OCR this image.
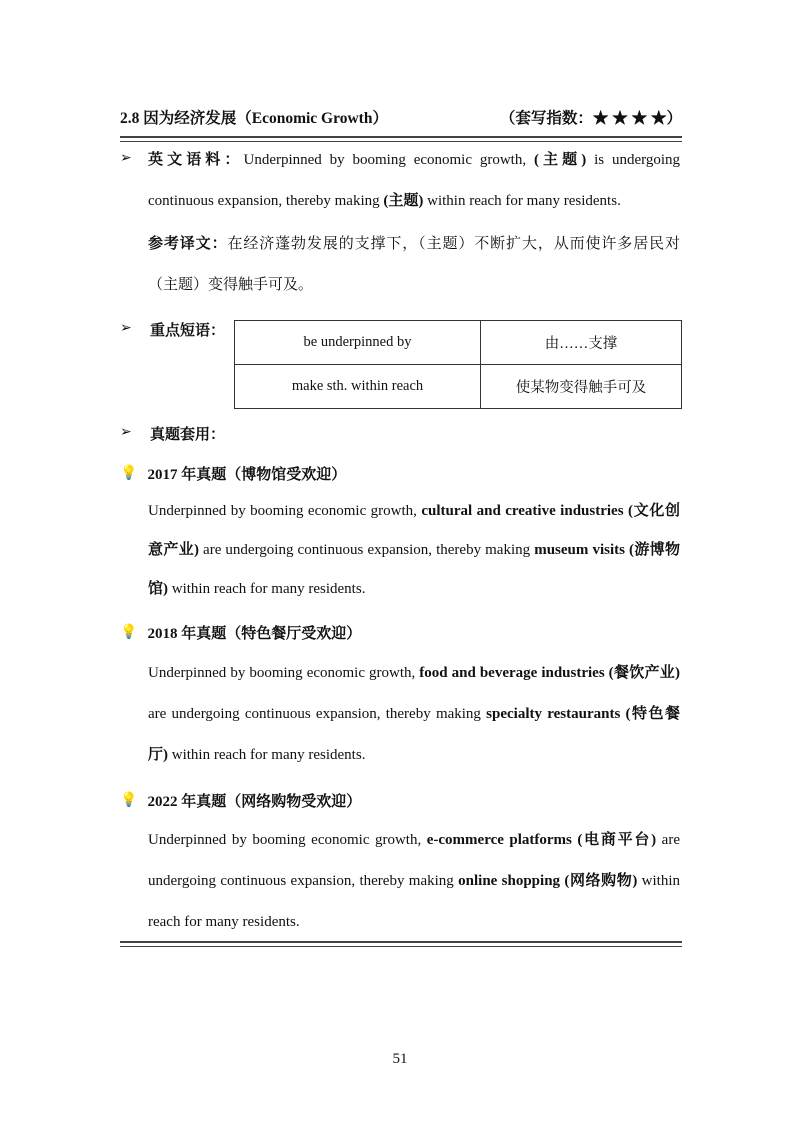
2.8 因为经济发展（Economic Growth）	（套写指数：★ ★ ★ ★）
➢ 英文语料：Underpinned by booming economic growth, (主题) is undergoing continuous expansion, thereby making (主题) within reach for many residents.
参考译文：在经济蓬勃发展的支撑下，（主题）不断扩大，从而使许多居民对（主题）变得触手可及。
➢ 重点短语：
be underpinned by	由……支撑
make sth. within reach	使某物变得触手可及
➢ 真题套用：
💡 2017 年真题（博物馆受欢迎）
Underpinned by booming economic growth, cultural and creative industries (文化创意产业) are undergoing continuous expansion, thereby making museum visits (游博物馆) within reach for many residents.
💡 2018 年真题（特色餐厅受欢迎）
Underpinned by booming economic growth, food and beverage industries (餐饮产业) are undergoing continuous expansion, thereby making specialty restaurants (特色餐厅) within reach for many residents.
💡 2022 年真题（网络购物受欢迎）
Underpinned by booming economic growth, e-commerce platforms (电商平台) are undergoing continuous expansion, thereby making online shopping (网络购物) within reach for many residents.
51
